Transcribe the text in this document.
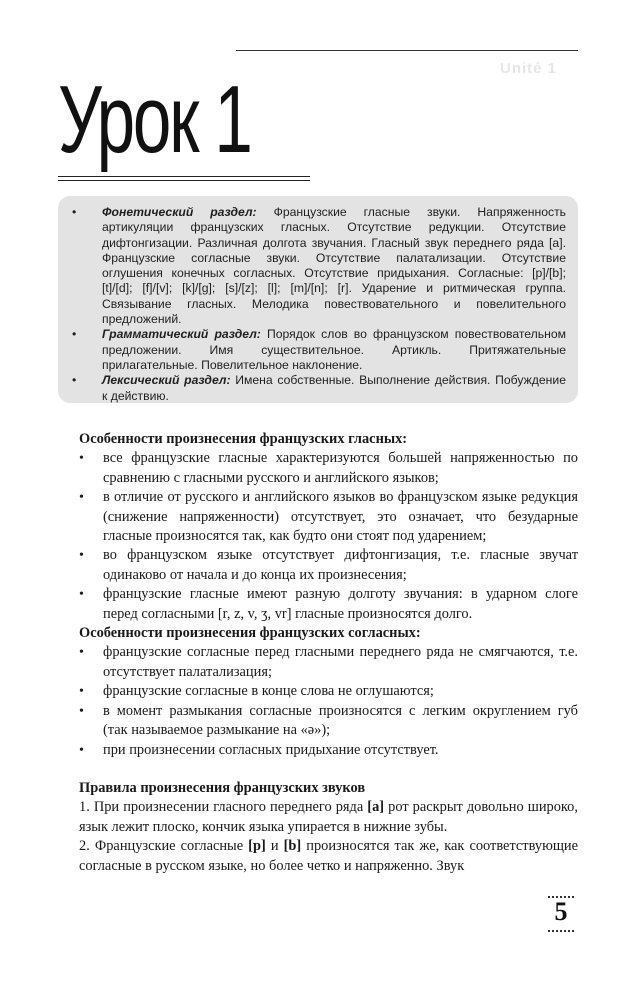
Unité 1
Урок 1
• Фонетический раздел: Французские гласные звуки. Напряженность артикуляции французских гласных. Отсутствие редукции. Отсутствие дифтонгизации. Различная долгота звучания. Гласный звук переднего ряда [a]. Французские согласные звуки. Отсутствие палатализации. Отсутствие оглушения конечных согласных. Отсутствие придыхания. Согласные: [p]/[b]; [t]/[d]; [f]/[v]; [k]/[g]; [s]/[z]; [l]; [m]/[n]; [r]. Ударение и ритмическая группа. Связывание гласных. Мелодика повествовательного и повелительного предложений.
• Грамматический раздел: Порядок слов во французском повествовательном предложении. Имя существительное. Артикль. Притяжательные прилагательные. Повелительное наклонение.
• Лексический раздел: Имена собственные. Выполнение действия. Побуждение к действию.
Особенности произнесения французских гласных:
• все французские гласные характеризуются большей напряженностью по сравнению с гласными русского и английского языков;
• в отличие от русского и английского языков во французском языке редукция (снижение напряженности) отсутствует, это означает, что безударные гласные произносятся так, как будто они стоят под ударением;
• во французском языке отсутствует дифтонгизация, т.е. гласные звучат одинаково от начала и до конца их произнесения;
• французские гласные имеют разную долготу звучания: в ударном слоге перед согласными [r, z, v, ʒ, vr] гласные произносятся долго.
Особенности произнесения французских согласных:
• французские согласные перед гласными переднего ряда не смягчаются, т.е. отсутствует палатализация;
• французские согласные в конце слова не оглушаются;
• в момент размыкания согласные произносятся с легким округлением губ (так называемое размыкание на «ə»);
• при произнесении согласных придыхание отсутствует.
Правила произнесения французских звуков

1. При произнесении гласного переднего ряда [a] рот раскрыт довольно широко, язык лежит плоско, кончик языка упирается в нижние зубы.

2. Французские согласные [p] и [b] произносятся так же, как соответствующие согласные в русском языке, но более четко и напряженно. Звук

5
